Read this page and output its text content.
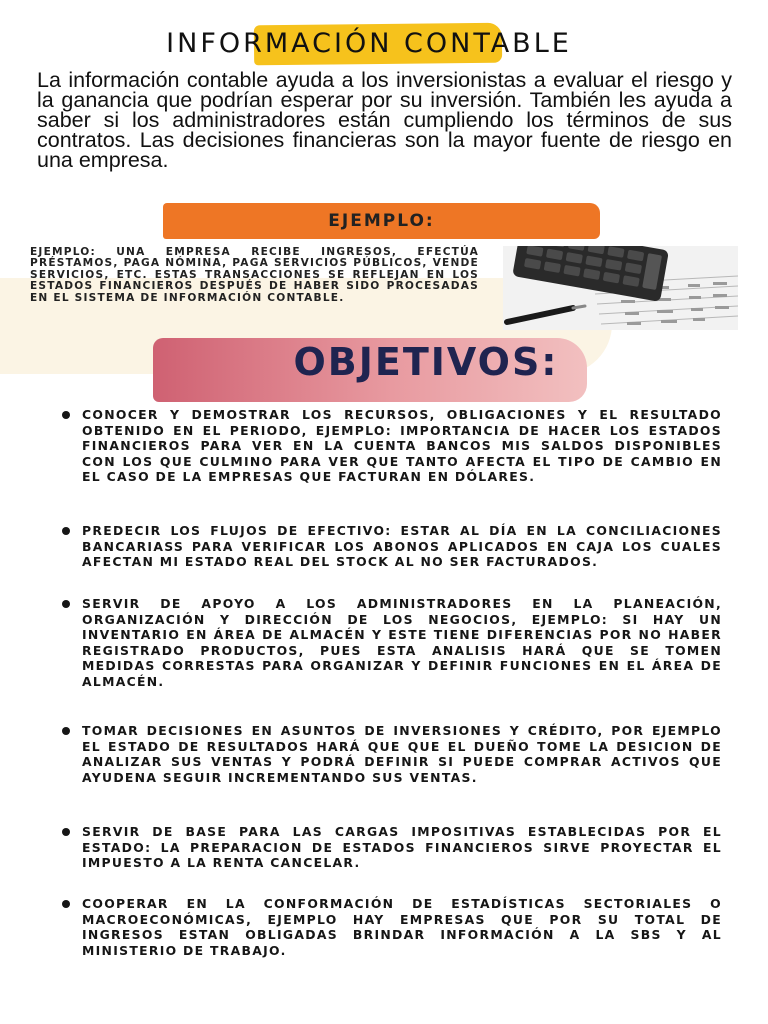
INFORMACIÓN CONTABLE

La información contable ayuda a los inversionistas a evaluar el riesgo y la ganancia que podrían esperar por su inversión. También les ayuda a saber si los administradores están cumpliendo los términos de sus contratos. Las decisiones financieras son la mayor fuente de riesgo en una empresa.

EJEMPLO:

EJEMPLO: UNA EMPRESA RECIBE INGRESOS, EFECTÚA PRÉSTAMOS, PAGA NÓMINA, PAGA SERVICIOS PÚBLICOS, VENDE SERVICIOS, ETC. ESTAS TRANSACCIONES SE REFLEJAN EN LOS ESTADOS FINANCIEROS DESPUÉS DE HABER SIDO PROCESADAS EN EL SISTEMA DE INFORMACIÓN CONTABLE.

OBJETIVOS:

CONOCER Y DEMOSTRAR LOS RECURSOS, OBLIGACIONES Y EL RESULTADO OBTENIDO EN EL PERIODO, EJEMPLO: IMPORTANCIA DE HACER LOS ESTADOS FINANCIEROS PARA VER EN LA CUENTA BANCOS MIS SALDOS DISPONIBLES CON LOS QUE CULMINO PARA VER QUE TANTO AFECTA EL TIPO DE CAMBIO EN EL CASO DE LA EMPRESAS QUE FACTURAN EN DÓLARES.

PREDECIR LOS FLUJOS DE EFECTIVO: ESTAR AL DÍA EN LA CONCILIACIONES BANCARIASS PARA VERIFICAR LOS ABONOS APLICADOS EN CAJA LOS CUALES AFECTAN MI ESTADO REAL DEL STOCK AL NO SER FACTURADOS.

SERVIR DE APOYO A LOS ADMINISTRADORES EN LA PLANEACIÓN, ORGANIZACIÓN Y DIRECCIÓN DE LOS NEGOCIOS, EJEMPLO: SI HAY UN INVENTARIO EN ÁREA DE ALMACÉN Y ESTE TIENE DIFERENCIAS POR NO HABER REGISTRADO PRODUCTOS, PUES ESTA ANALISIS HARÁ QUE SE TOMEN MEDIDAS CORRESTAS PARA ORGANIZAR Y DEFINIR FUNCIONES EN EL ÁREA DE ALMACÉN.

TOMAR DECISIONES EN ASUNTOS DE INVERSIONES Y CRÉDITO, POR EJEMPLO EL ESTADO DE RESULTADOS HARÁ QUE QUE EL DUEÑO TOME LA DESICION DE ANALIZAR SUS VENTAS Y PODRÁ DEFINIR SI PUEDE COMPRAR ACTIVOS QUE AYUDENA SEGUIR INCREMENTANDO SUS VENTAS.

SERVIR DE BASE PARA LAS CARGAS IMPOSITIVAS ESTABLECIDAS POR EL ESTADO: LA PREPARACION DE ESTADOS FINANCIEROS SIRVE PROYECTAR EL IMPUESTO A LA RENTA CANCELAR.

COOPERAR EN LA CONFORMACIÓN DE ESTADÍSTICAS SECTORIALES O MACROECONÓMICAS, EJEMPLO HAY EMPRESAS QUE POR SU TOTAL DE INGRESOS ESTAN OBLIGADAS BRINDAR INFORMACIÓN A LA SBS Y AL MINISTERIO DE TRABAJO.
